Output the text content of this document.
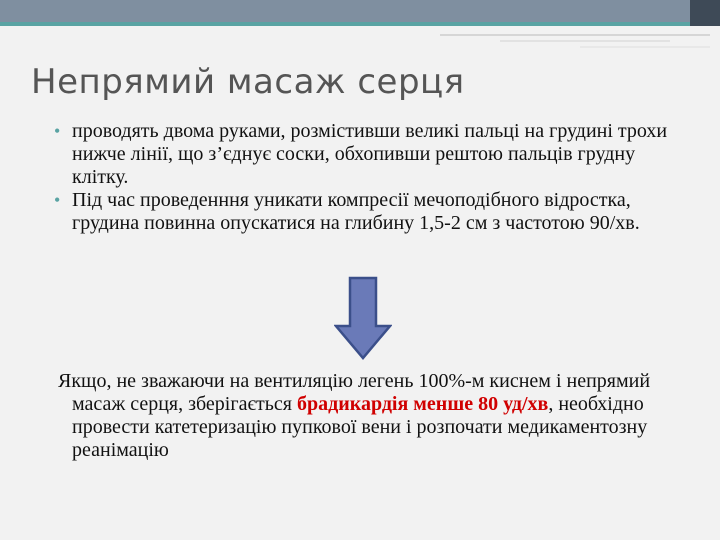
Непрямий масаж серця
• проводять двома руками, розмістивши великі пальці на грудині трохи нижче лінії, що з’єднує соски, обхопивши рештою пальців грудну клітку.
• Під час проведенння уникати компресії мечоподібного відростка, грудина повинна опускатися на глибину 1,5-2 см з частотою 90/хв.
Якщо, не зважаючи на вентиляцію легень 100%-м киснем і непрямий масаж серця, зберігається брадикардія менше 80 уд/хв, необхідно провести катетеризацію пупкової вени і розпочати медикаментозну реанімацію
